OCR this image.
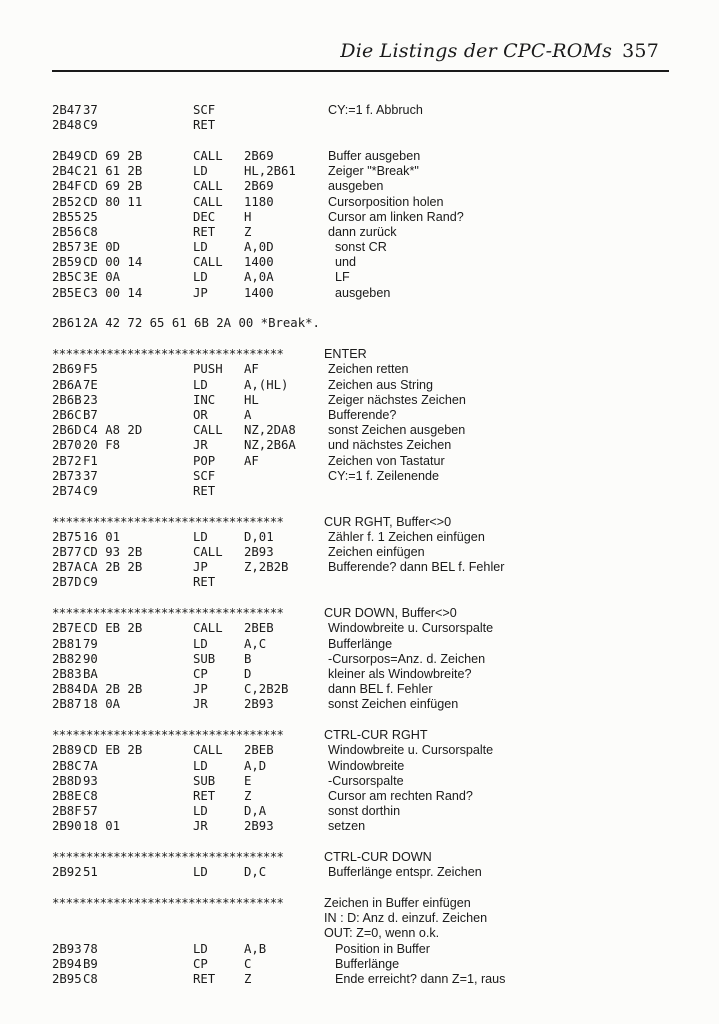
Die Listings der CPC-ROMs 357
2B47 37	SCF	CY:=1 f. Abbruch
2B48 C9	RET
2B49 CD 69 2B	CALL 2B69	Buffer ausgeben
2B4C 21 61 2B	LD	HL,2B61	Zeiger "*Break*"
2B4F CD 69 2B	CALL 2B69	ausgeben
2B52 CD 80 11	CALL 1180	Cursorposition holen
2B55 25	DEC H	Cursor am linken Rand?
2B56 C8	RET Z	dann zurück
2B57 3E 0D	LD	A,0D	sonst CR
2B59 CD 00 14	CALL 1400	und
2B5C 3E 0A	LD	A,0A	LF
2B5E C3 00 14	JP	1400	ausgeben
2B61 2A 42 72 65 61 6B 2A 00 *Break*.
**********************************	ENTER
2B69 F5	PUSH AF	Zeichen retten
2B6A 7E	LD	A,(HL)	Zeichen aus String
2B6B 23	INC HL	Zeiger nächstes Zeichen
2B6C B7	OR	A	Bufferende?
2B6D C4 A8 2D	CALL NZ,2DA8	sonst Zeichen ausgeben
2B70 20 F8	JR	NZ,2B6A	und nächstes Zeichen
2B72 F1	POP AF	Zeichen von Tastatur
2B73 37	SCF	CY:=1 f. Zeilenende
2B74 C9	RET
**********************************	CUR RGHT, Buffer<>0
2B75 16 01	LD	D,01	Zähler f. 1 Zeichen einfügen
2B77 CD 93 2B	CALL 2B93	Zeichen einfügen
2B7A CA 2B 2B	JP	Z,2B2B	Bufferende? dann BEL f. Fehler
2B7D C9	RET
**********************************	CUR DOWN, Buffer<>0
2B7E CD EB 2B	CALL 2BEB	Windowbreite u. Cursorspalte
2B81 79	LD	A,C	Bufferlänge
2B82 90	SUB B	-Cursorpos=Anz. d. Zeichen
2B83 BA	CP	D	kleiner als Windowbreite?
2B84 DA 2B 2B	JP	C,2B2B	dann BEL f. Fehler
2B87 18 0A	JR	2B93	sonst Zeichen einfügen
**********************************	CTRL-CUR RGHT
2B89 CD EB 2B	CALL 2BEB	Windowbreite u. Cursorspalte
2B8C 7A	LD	A,D	Windowbreite
2B8D 93	SUB E	-Cursorspalte
2B8E C8	RET Z	Cursor am rechten Rand?
2B8F 57	LD	D,A	sonst dorthin
2B90 18 01	JR	2B93	setzen
**********************************	CTRL-CUR DOWN
2B92 51	LD	D,C	Bufferlänge entspr. Zeichen
**********************************	Zeichen in Buffer einfügen
IN : D: Anz d. einzuf. Zeichen
OUT: Z=0, wenn o.k.
2B93 78	LD	A,B	Position in Buffer
2B94 B9	CP	C	Bufferlänge
2B95 C8	RET Z	Ende erreicht? dann Z=1, raus
